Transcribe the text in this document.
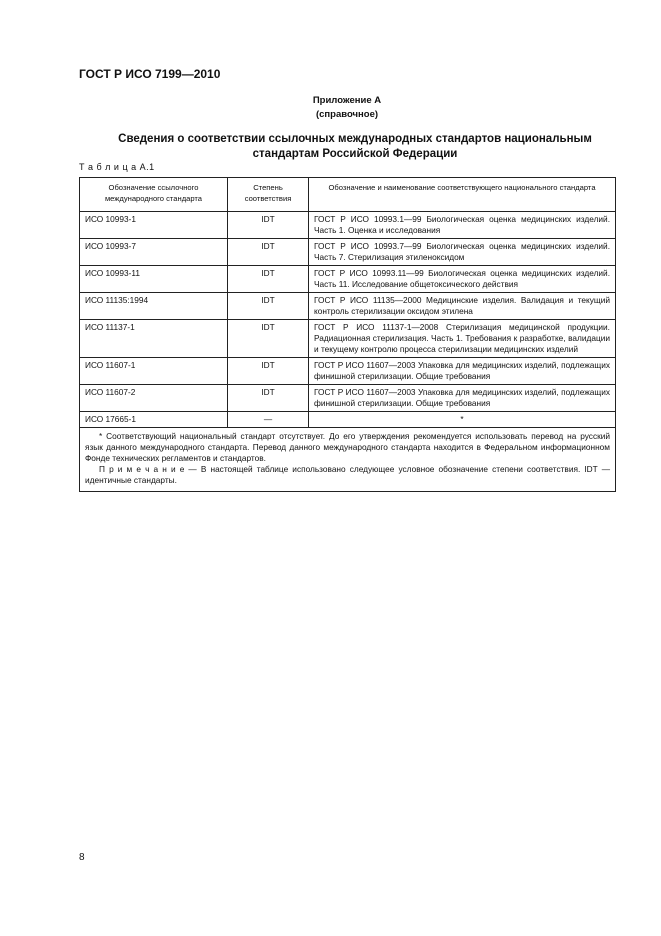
ГОСТ Р ИСО 7199—2010
Приложение А
(справочное)
Сведения о соответствии ссылочных международных стандартов национальным стандартам Российской Федерации
Т а б л и ц а А.1
Обозначение ссылочного международного стандарта	Степень соответствия	Обозначение и наименование соответствующего национального стандарта
ИСО 10993-1	IDT	ГОСТ Р ИСО 10993.1—99 Биологическая оценка медицинских изделий. Часть 1. Оценка и исследования
ИСО 10993-7	IDT	ГОСТ Р ИСО 10993.7—99 Биологическая оценка медицинских изделий. Часть 7. Стерилизация этиленоксидом
ИСО 10993-11	IDT	ГОСТ Р ИСО 10993.11—99 Биологическая оценка медицинских изделий. Часть 11. Исследование общетоксического действия
ИСО 11135:1994	IDT	ГОСТ Р ИСО 11135—2000 Медицинские изделия. Валидация и текущий контроль стерилизации оксидом этилена
ИСО 11137-1	IDT	ГОСТ Р ИСО 11137-1—2008 Стерилизация медицинской продукции. Радиационная стерилизация. Часть 1. Требования к разработке, валидации и текущему контролю процесса стерилизации медицинских изделий
ИСО 11607-1	IDT	ГОСТ Р ИСО 11607—2003 Упаковка для медицинских изделий, подлежащих финишной стерилизации. Общие требования
ИСО 11607-2	IDT	ГОСТ Р ИСО 11607—2003 Упаковка для медицинских изделий, подлежащих финишной стерилизации. Общие требования
ИСО 17665-1	—	*

* Соответствующий национальный стандарт отсутствует. До его утверждения рекомендуется использовать перевод на русский язык данного международного стандарта. Перевод данного международного стандарта находится в Федеральном информационном Фонде технических регламентов и стандартов.
П р и м е ч а н и е — В настоящей таблице использовано следующее условное обозначение степени соответствия. IDT — идентичные стандарты.		
8
